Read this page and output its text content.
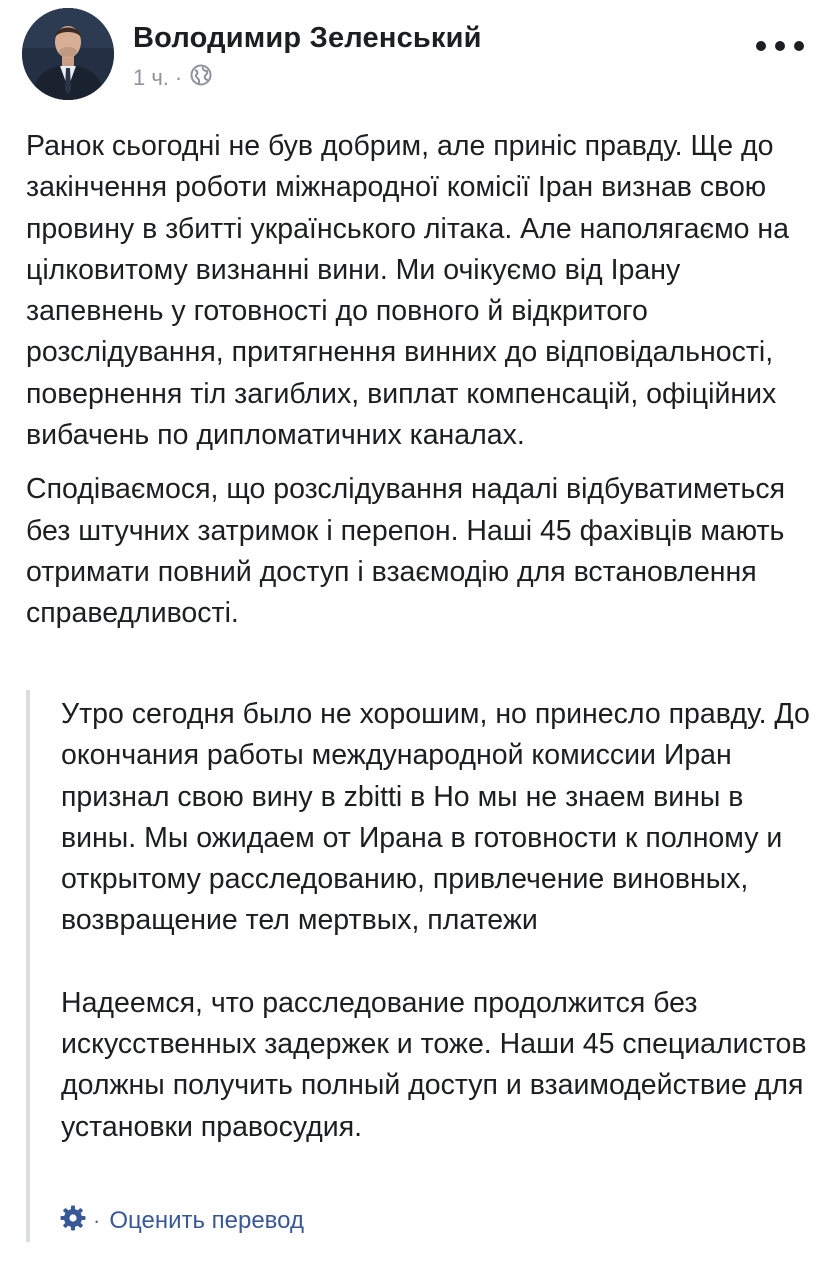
Володимир Зеленський
1 ч. ·

Ранок сьогодні не був добрим, але приніс правду. Ще до закінчення роботи міжнародної комісії Іран визнав свою провину в збитті українського літака. Але наполягаємо на цілковитому визнанні вини. Ми очікуємо від Ірану запевнень у готовності до повного й відкритого розслідування, притягнення винних до відповідальності, повернення тіл загиблих, виплат компенсацій, офіційних вибачень по дипломатичних каналах.

Сподіваємося, що розслідування надалі відбуватиметься без штучних затримок і перепон. Наші 45 фахівців мають отримати повний доступ і взаємодію для встановлення справедливості.

Утро сегодня было не хорошим, но принесло правду. До окончания работы международной комиссии Иран признал свою вину в zbitti в Но мы не знаем вины в вины. Мы ожидаем от Ирана в готовности к полному и открытому расследованию, привлечение виновных, возвращение тел мертвых, платежи

Надеемся, что расследование продолжится без искусственных задержек и тоже. Наши 45 специалистов должны получить полный доступ и взаимодействие для установки правосудия.

· Оценить перевод
